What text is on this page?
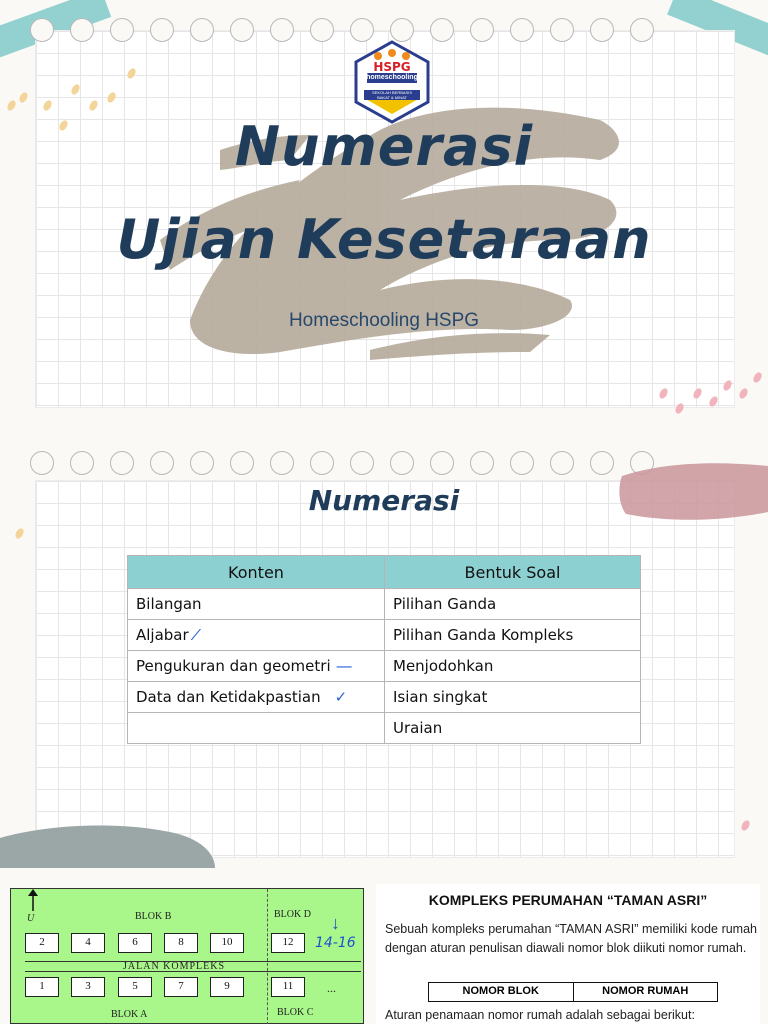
HSPG
homeschooling
SEKOLAH BERBASIS
BAKAT & MINAT
Numerasi
Ujian Kesetaraan
Homeschooling HSPG
Numerasi
Konten	Bentuk Soal
Bilangan	Pilihan Ganda
Aljabar ⁄	Pilihan Ganda Kompleks
Pengukuran dan geometri ―	Menjodohkan
Data dan Ketidakpastian ✓	Isian singkat
	Uraian
U	BLOK B	BLOK D
2	4	6	8	10	12	14-16
↓
JALAN KOMPLEKS
1	3	5	7	9	11	...
BLOK A	BLOK C
KOMPLEKS PERUMAHAN “TAMAN ASRI”
Sebuah kompleks perumahan “TAMAN ASRI” memiliki kode rumah dengan aturan penulisan diawali nomor blok diikuti nomor rumah.
NOMOR BLOK	NOMOR RUMAH
Aturan penamaan nomor rumah adalah sebagai berikut:
